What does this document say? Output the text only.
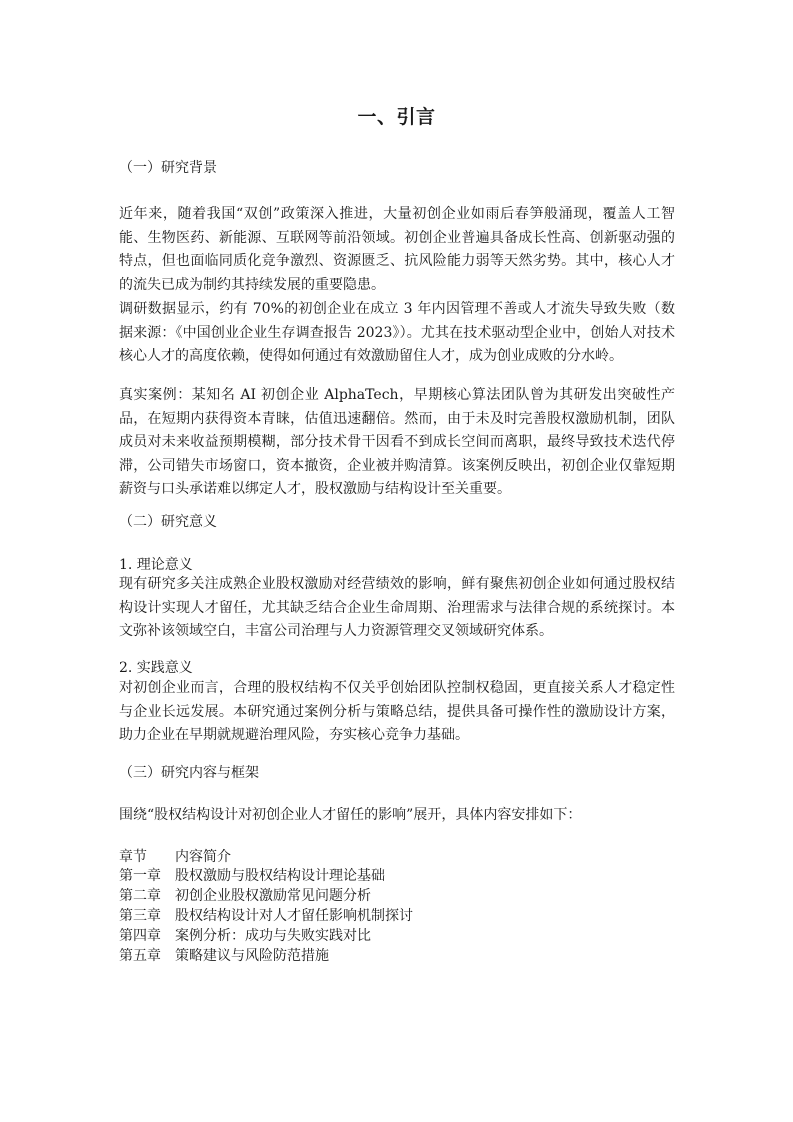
一、引言
（一）研究背景
近年来，随着我国“双创”政策深入推进，大量初创企业如雨后春笋般涌现，覆盖人工智能、生物医药、新能源、互联网等前沿领域。初创企业普遍具备成长性高、创新驱动强的特点，但也面临同质化竞争激烈、资源匮乏、抗风险能力弱等天然劣势。其中，核心人才的流失已成为制约其持续发展的重要隐患。
调研数据显示，约有 70%的初创企业在成立 3 年内因管理不善或人才流失导致失败（数据来源：《中国创业企业生存调查报告 2023》）。尤其在技术驱动型企业中，创始人对技术核心人才的高度依赖，使得如何通过有效激励留住人才，成为创业成败的分水岭。
真实案例：某知名 AI 初创企业 AlphaTech，早期核心算法团队曾为其研发出突破性产品，在短期内获得资本青睐，估值迅速翻倍。然而，由于未及时完善股权激励机制，团队成员对未来收益预期模糊，部分技术骨干因看不到成长空间而离职，最终导致技术迭代停滞，公司错失市场窗口，资本撤资，企业被并购清算。该案例反映出，初创企业仅靠短期薪资与口头承诺难以绑定人才，股权激励与结构设计至关重要。
（二）研究意义
1. 理论意义
现有研究多关注成熟企业股权激励对经营绩效的影响，鲜有聚焦初创企业如何通过股权结构设计实现人才留任，尤其缺乏结合企业生命周期、治理需求与法律合规的系统探讨。本文弥补该领域空白，丰富公司治理与人力资源管理交叉领域研究体系。
2. 实践意义
对初创企业而言，合理的股权结构不仅关乎创始团队控制权稳固，更直接关系人才稳定性与企业长远发展。本研究通过案例分析与策略总结，提供具备可操作性的激励设计方案，助力企业在早期就规避治理风险，夯实核心竞争力基础。
（三）研究内容与框架
围绕“股权结构设计对初创企业人才留任的影响”展开，具体内容安排如下：
章节 内容简介
第一章 股权激励与股权结构设计理论基础
第二章 初创企业股权激励常见问题分析
第三章 股权结构设计对人才留任影响机制探讨
第四章 案例分析：成功与失败实践对比
第五章 策略建议与风险防范措施
